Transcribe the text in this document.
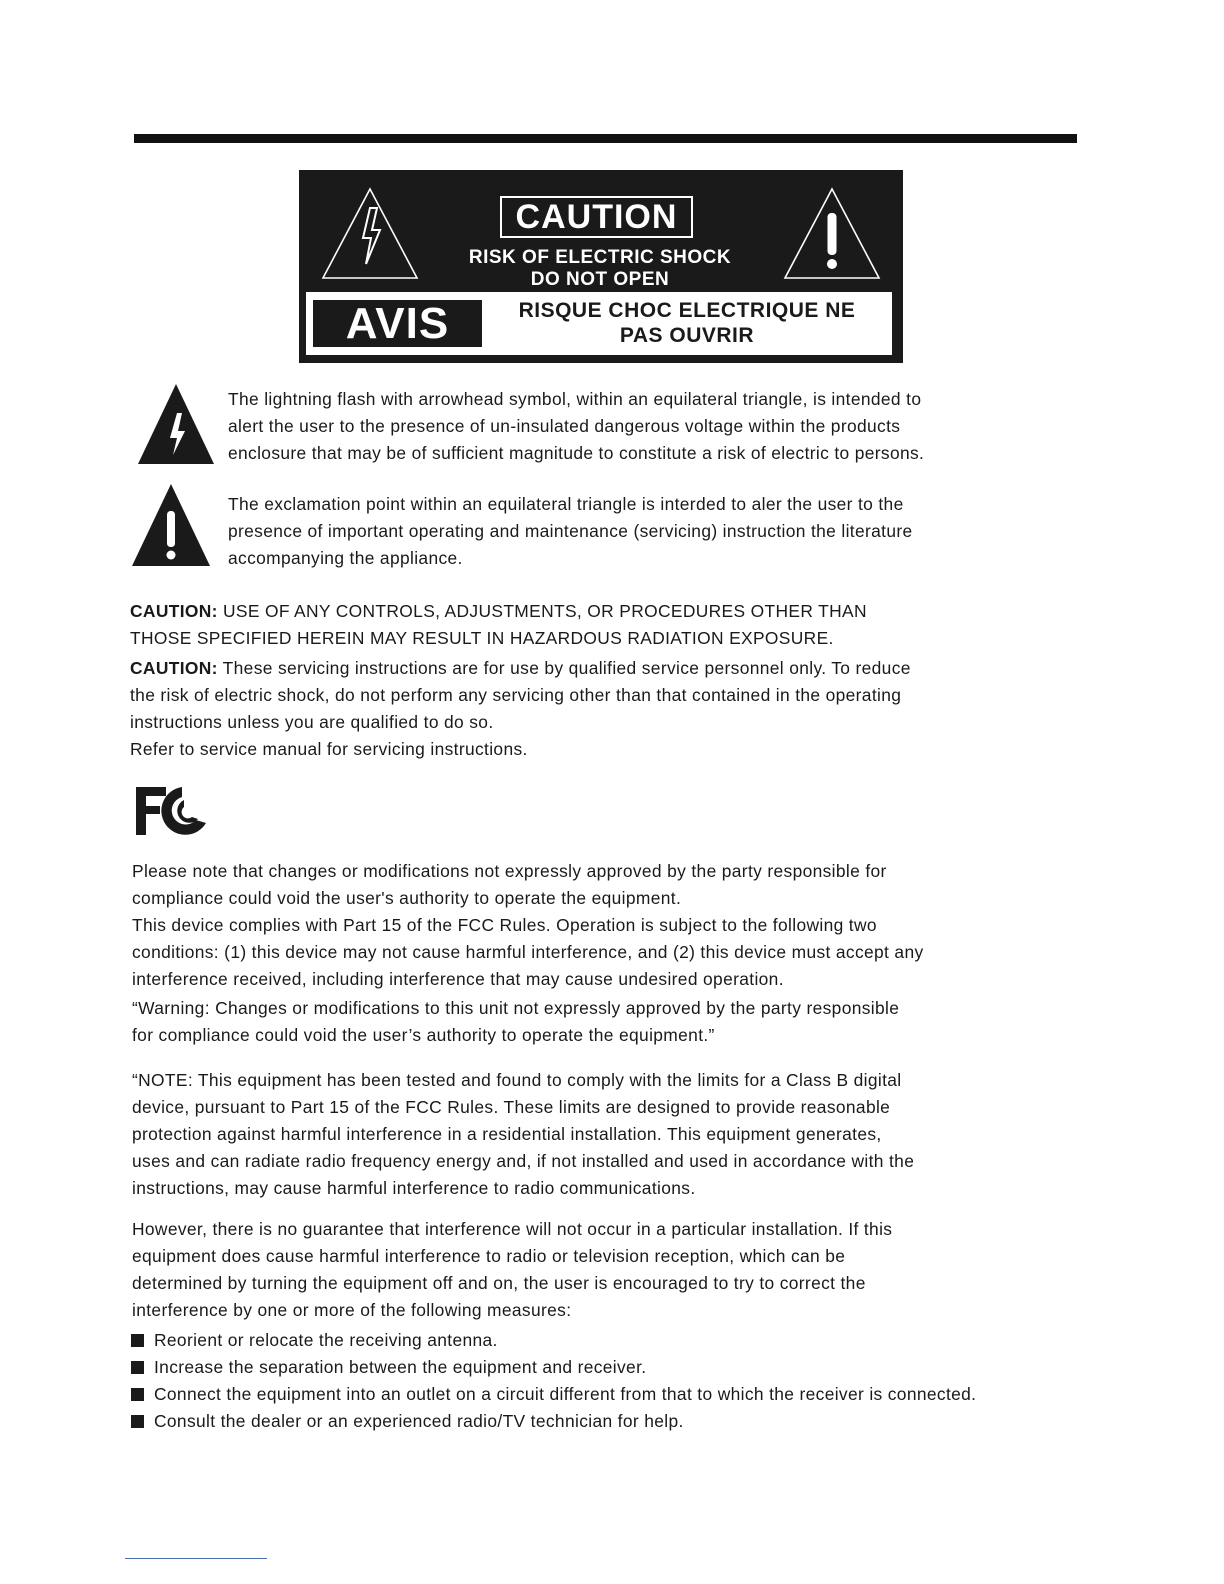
CAUTION
RISK OF ELECTRIC SHOCK
DO NOT OPEN
AVIS	RISQUE CHOC ELECTRIQUE NE
PAS OUVRIR
The lightning flash with arrowhead symbol, within an equilateral triangle, is intended to
alert the user to the presence of un-insulated dangerous voltage within the products
enclosure that may be of sufficient magnitude to constitute a risk of electric to persons.
The exclamation point within an equilateral triangle is interded to aler the user to the
presence of important operating and maintenance (servicing) instruction the literature
accompanying the appliance.
CAUTION: USE OF ANY CONTROLS, ADJUSTMENTS, OR PROCEDURES OTHER THAN
THOSE SPECIFIED HEREIN MAY RESULT IN HAZARDOUS RADIATION EXPOSURE.
CAUTION: These servicing instructions are for use by qualified service personnel only. To reduce
the risk of electric shock, do not perform any servicing other than that contained in the operating
instructions unless you are qualified to do so.
Refer to service manual for servicing instructions.
Please note that changes or modifications not expressly approved by the party responsible for
compliance could void the user's authority to operate the equipment.
This device complies with Part 15 of the FCC Rules. Operation is subject to the following two
conditions: (1) this device may not cause harmful interference, and (2) this device must accept any
interference received, including interference that may cause undesired operation.
“Warning: Changes or modifications to this unit not expressly approved by the party responsible
for compliance could void the user’s authority to operate the equipment.”
“NOTE: This equipment has been tested and found to comply with the limits for a Class B digital
device, pursuant to Part 15 of the FCC Rules. These limits are designed to provide reasonable
protection against harmful interference in a residential installation. This equipment generates,
uses and can radiate radio frequency energy and, if not installed and used in accordance with the
instructions, may cause harmful interference to radio communications.
However, there is no guarantee that interference will not occur in a particular installation. If this
equipment does cause harmful interference to radio or television reception, which can be
determined by turning the equipment off and on, the user is encouraged to try to correct the
interference by one or more of the following measures:
Reorient or relocate the receiving antenna.
Increase the separation between the equipment and receiver.
Connect the equipment into an outlet on a circuit different from that to which the receiver is connected.
Consult the dealer or an experienced radio/TV technician for help.
